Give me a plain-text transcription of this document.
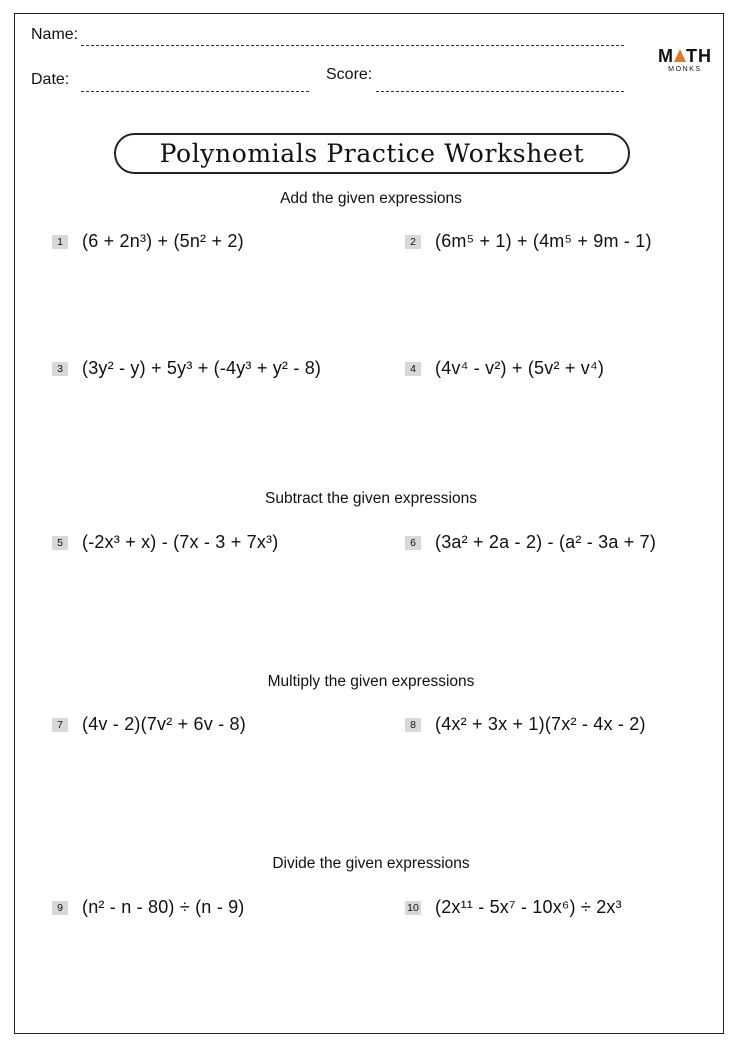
Name:
Date:	Score:
M TH
MONKS
Polynomials Practice Worksheet
Add the given expressions
Subtract the given expressions
Multiply the given expressions
Divide the given expressions
1 (6 + 2n³) + (5n² + 2)	2 (6m⁵ + 1) + (4m⁵ + 9m - 1)
3 (3y² - y) + 5y³ + (-4y³ + y² - 8)	4 (4v⁴ - v²) + (5v² + v⁴)
5 (-2x³ + x) - (7x - 3 + 7x³)	6 (3a² + 2a - 2) - (a² - 3a + 7)
7 (4v - 2)(7v² + 6v - 8)	8 (4x² + 3x + 1)(7x² - 4x - 2)
9 (n² - n - 80) ÷ (n - 9)	10 (2x¹¹ - 5x⁷ - 10x⁶) ÷ 2x³
